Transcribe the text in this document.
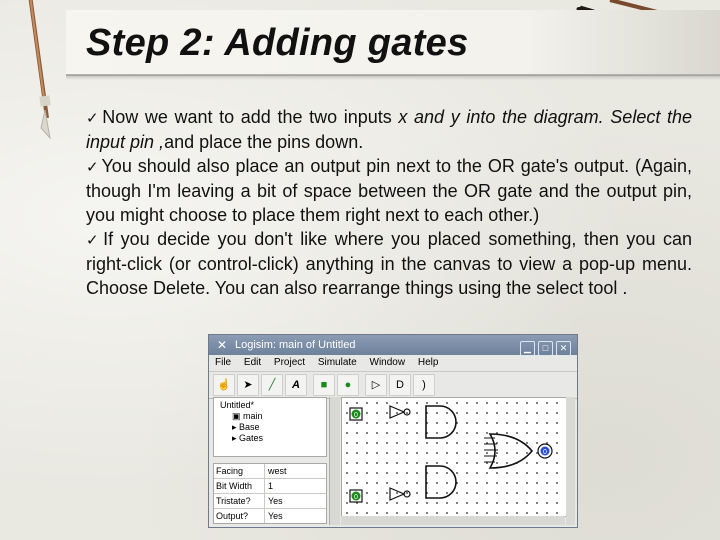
Step 2: Adding gates

✓ Now we want to add the two inputs x and y into the diagram. Select the input pin ,and place the pins down.

✓ You should also place an output pin next to the OR gate's output. (Again, though I'm leaving a bit of space between the OR gate and the output pin, you might choose to place them right next to each other.)

✓ If you decide you don't like where you placed something, then you can right-click (or control-click) anything in the canvas to view a pop-up menu. Choose Delete. You can also rearrange things using the select tool .

✕ Logisim: main of Untitled	▁ □ ✕
File Edit Project Simulate Window Help
☝ ➤ ╱ A ■ ● ▷ D )
Untitled*
▣ main
▸ Base
▸ Gates
Facing	west
Bit Width	1
Tristate?	Yes
Output?	Yes
0
0
0
